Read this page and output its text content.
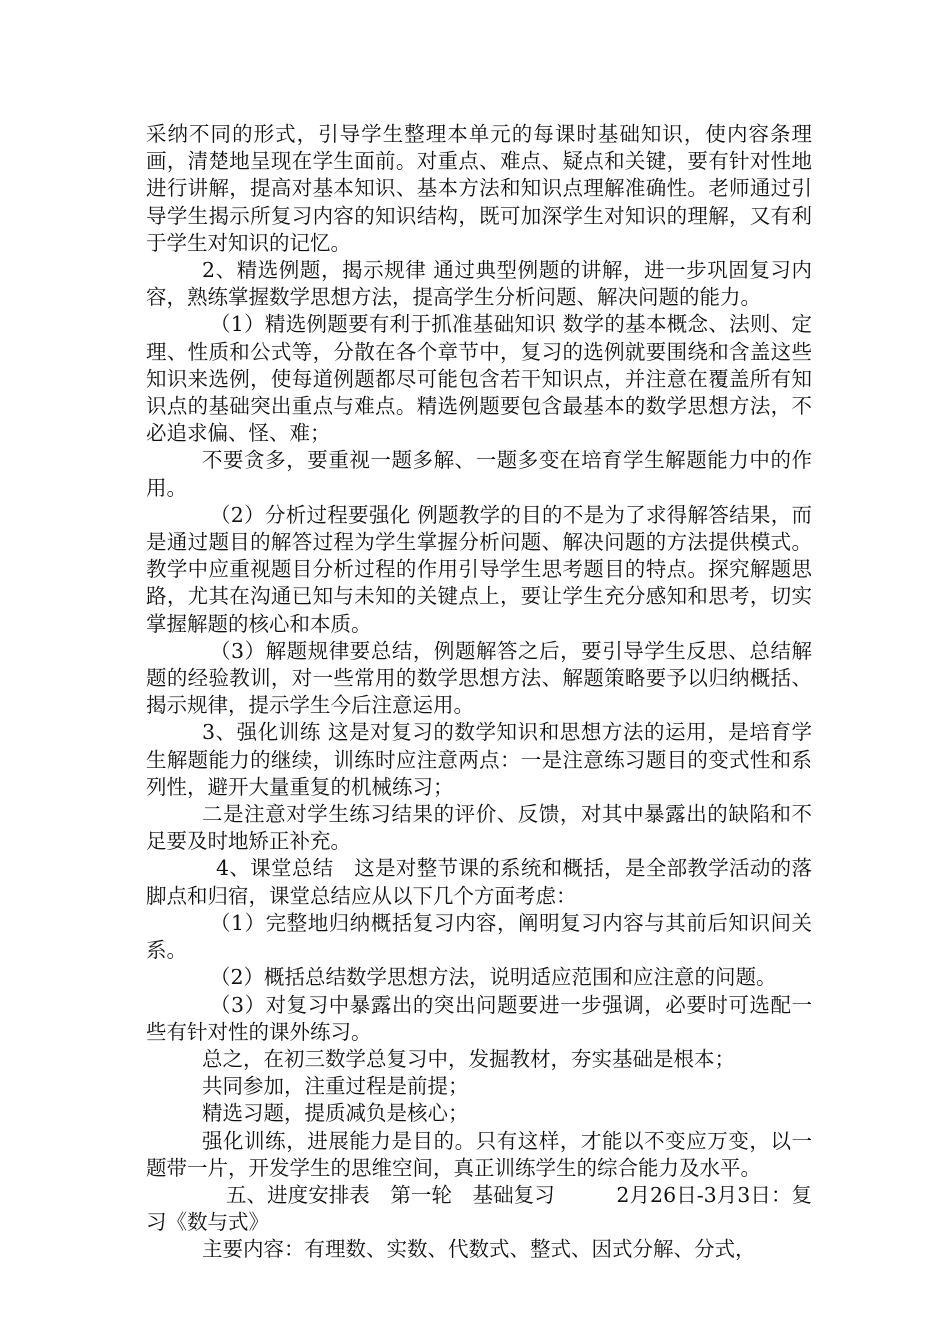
采纳不同的形式，引导学生整理本单元的每课时基础知识，使内容条理画，清楚地呈现在学生面前。对重点、难点、疑点和关键，要有针对性地进行讲解，提高对基本知识、基本方法和知识点理解准确性。老师通过引导学生揭示所复习内容的知识结构，既可加深学生对知识的理解，又有利于学生对知识的记忆。

2、精选例题，揭示规律 通过典型例题的讲解，进一步巩固复习内容，熟练掌握数学思想方法，提高学生分析问题、解决问题的能力。

（1）精选例题要有利于抓准基础知识 数学的基本概念、法则、定理、性质和公式等，分散在各个章节中，复习的选例就要围绕和含盖这些知识来选例，使每道例题都尽可能包含若干知识点，并注意在覆盖所有知识点的基础突出重点与难点。精选例题要包含最基本的数学思想方法，不必追求偏、怪、难；

不要贪多，要重视一题多解、一题多变在培育学生解题能力中的作用。

（2）分析过程要强化 例题教学的目的不是为了求得解答结果，而是通过题目的解答过程为学生掌握分析问题、解决问题的方法提供模式。教学中应重视题目分析过程的作用引导学生思考题目的特点。探究解题思路，尤其在沟通已知与未知的关键点上，要让学生充分感知和思考，切实掌握解题的核心和本质。

（3）解题规律要总结，例题解答之后，要引导学生反思、总结解题的经验教训，对一些常用的数学思想方法、解题策略要予以归纳概括、揭示规律，提示学生今后注意运用。

3、强化训练 这是对复习的数学知识和思想方法的运用，是培育学生解题能力的继续，训练时应注意两点：一是注意练习题目的变式性和系列性，避开大量重复的机械练习；

二是注意对学生练习结果的评价、反馈，对其中暴露出的缺陷和不足要及时地矫正补充。

4、课堂总结　这是对整节课的系统和概括，是全部教学活动的落脚点和归宿，课堂总结应从以下几个方面考虑：

（1）完整地归纳概括复习内容，阐明复习内容与其前后知识间关系。

（2）概括总结数学思想方法，说明适应范围和应注意的问题。

（3）对复习中暴露出的突出问题要进一步强调，必要时可选配一些有针对性的课外练习。

总之，在初三数学总复习中，发掘教材，夯实基础是根本；

共同参加，注重过程是前提；

精选习题，提质减负是核心；

强化训练，进展能力是目的。只有这样，才能以不变应万变，以一题带一片，开发学生的思维空间，真正训练学生的综合能力及水平。

五、进度安排表　第一轮　基础复习　　　2月26日-3月3日：复习《数与式》

主要内容：有理数、实数、代数式、整式、因式分解、分式，
